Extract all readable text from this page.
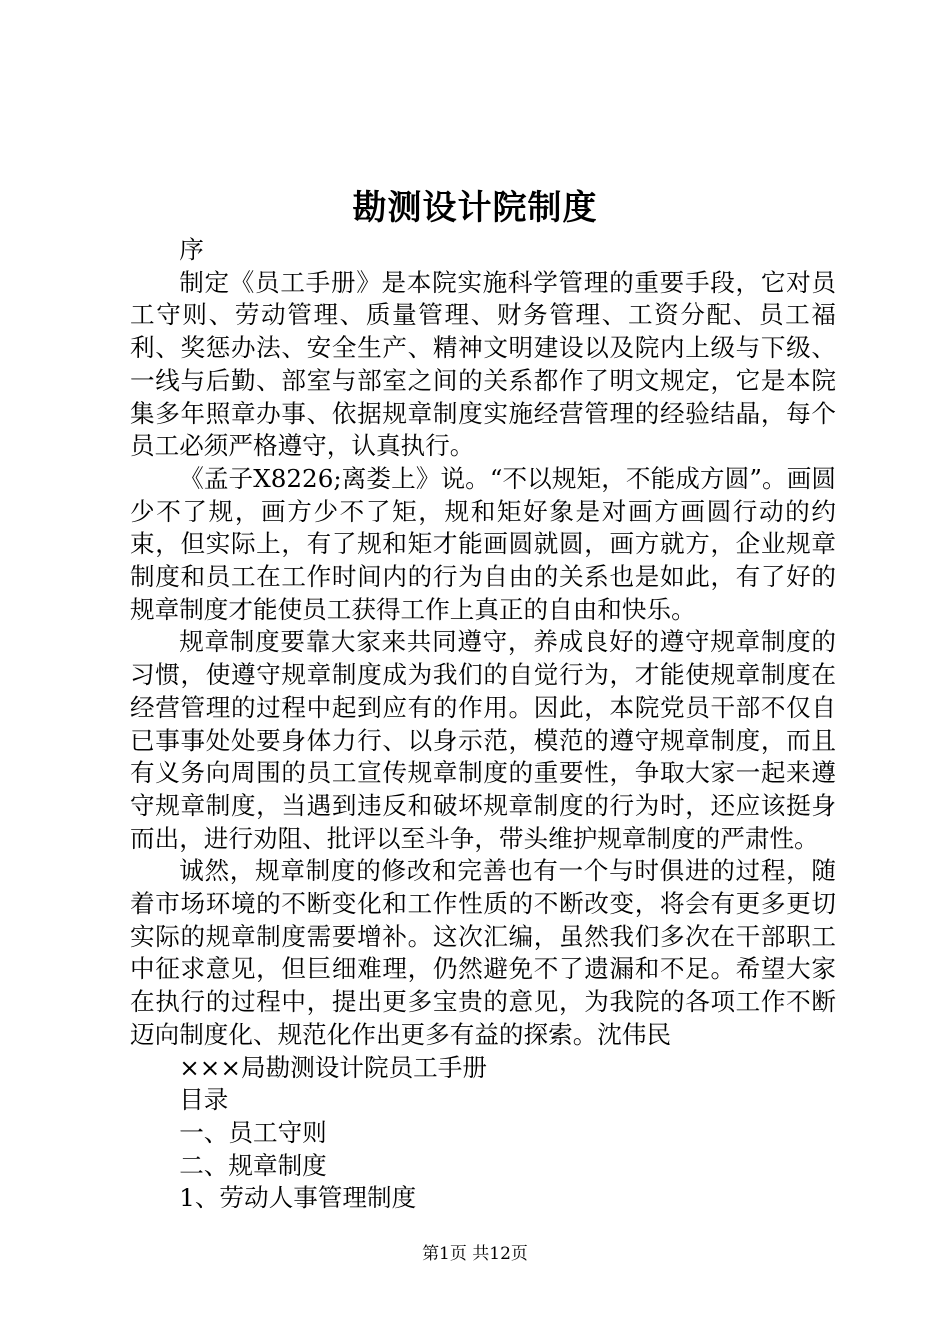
勘测设计院制度

序

制定《员工手册》是本院实施科学管理的重要手段，它对员工守则、劳动管理、质量管理、财务管理、工资分配、员工福利、奖惩办法、安全生产、精神文明建设以及院内上级与下级、一线与后勤、部室与部室之间的关系都作了明文规定，它是本院集多年照章办事、依据规章制度实施经营管理的经验结晶，每个员工必须严格遵守，认真执行。

《孟子X8226;离娄上》说。“不以规矩，不能成方圆”。画圆少不了规，画方少不了矩，规和矩好象是对画方画圆行动的约束，但实际上，有了规和矩才能画圆就圆，画方就方，企业规章制度和员工在工作时间内的行为自由的关系也是如此，有了好的规章制度才能使员工获得工作上真正的自由和快乐。

规章制度要靠大家来共同遵守，养成良好的遵守规章制度的习惯，使遵守规章制度成为我们的自觉行为，才能使规章制度在经营管理的过程中起到应有的作用。因此，本院党员干部不仅自已事事处处要身体力行、以身示范，模范的遵守规章制度，而且有义务向周围的员工宣传规章制度的重要性，争取大家一起来遵守规章制度，当遇到违反和破坏规章制度的行为时，还应该挺身而出，进行劝阻、批评以至斗争，带头维护规章制度的严肃性。

诚然，规章制度的修改和完善也有一个与时俱进的过程，随着市场环境的不断变化和工作性质的不断改变，将会有更多更切实际的规章制度需要增补。这次汇编，虽然我们多次在干部职工中征求意见，但巨细难理，仍然避免不了遗漏和不足。希望大家在执行的过程中，提出更多宝贵的意见，为我院的各项工作不断迈向制度化、规范化作出更多有益的探索。沈伟民

×××局勘测设计院员工手册

目录

一、员工守则

二、规章制度

1、劳动人事管理制度

第1页 共12页
